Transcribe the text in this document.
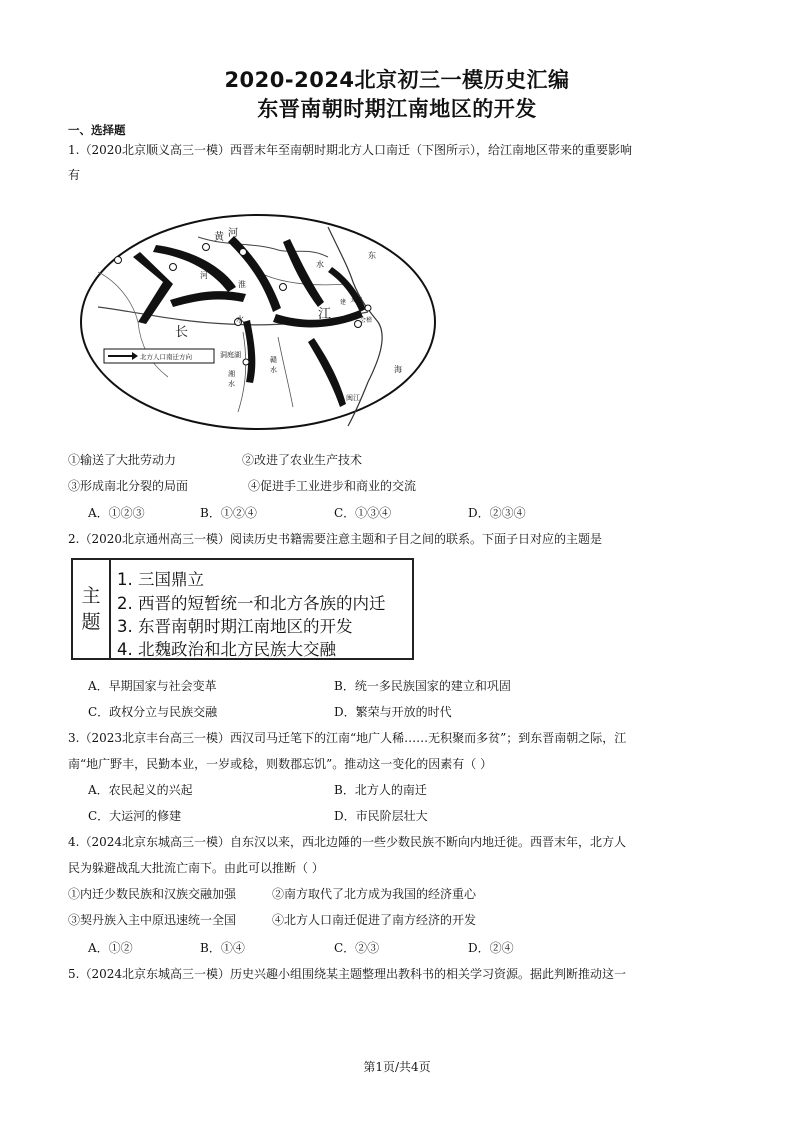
2020-2024北京初三一模历史汇编
东晋南朝时期江南地区的开发
一、选择题
1.（2020北京顺义高三一模）西晋末年至南朝时期北方人口南迁（下图所示），给江南地区带来的重要影响
有
黄 河
河
长
江
水
水
淮
东
海
洞庭湖
湘
水
赣
水
太湖
会稽
闽江
建
北方人口南迁方向
①输送了大批劳动力	②改进了农业生产技术
③形成南北分裂的局面	④促进手工业进步和商业的交流
A．①②③	B．①②④	C．①③④	D．②③④
2.（2020北京通州高三一模）阅读历史书籍需要注意主题和子目之间的联系。下面子日对应的主题是
主
题
1. 三国鼎立
2. 西晋的短暂统一和北方各族的内迁
3. 东晋南朝时期江南地区的开发
4. 北魏政治和北方民族大交融
A．早期国家与社会变革	B．统一多民族国家的建立和巩固
C．政权分立与民族交融	D．繁荣与开放的时代
3.（2023北京丰台高三一模）西汉司马迁笔下的江南“地广人稀……无积聚而多贫”；到东晋南朝之际，江
南“地广野丰，民勤本业，一岁或稔，则数郡忘饥”。推动这一变化的因素有（ ）
A．农民起义的兴起	B．北方人的南迁
C．大运河的修建	D．市民阶层壮大
4.（2024北京东城高三一模）自东汉以来，西北边陲的一些少数民族不断向内地迁徙。西晋末年，北方人
民为躲避战乱大批流亡南下。由此可以推断（ ）
①内迁少数民族和汉族交融加强	②南方取代了北方成为我国的经济重心
③契丹族入主中原迅速统一全国	④北方人口南迁促进了南方经济的开发
A．①②	B．①④	C．②③	D．②④
5.（2024北京东城高三一模）历史兴趣小组围绕某主题整理出教科书的相关学习资源。据此判断推动这一
第1页/共4页
